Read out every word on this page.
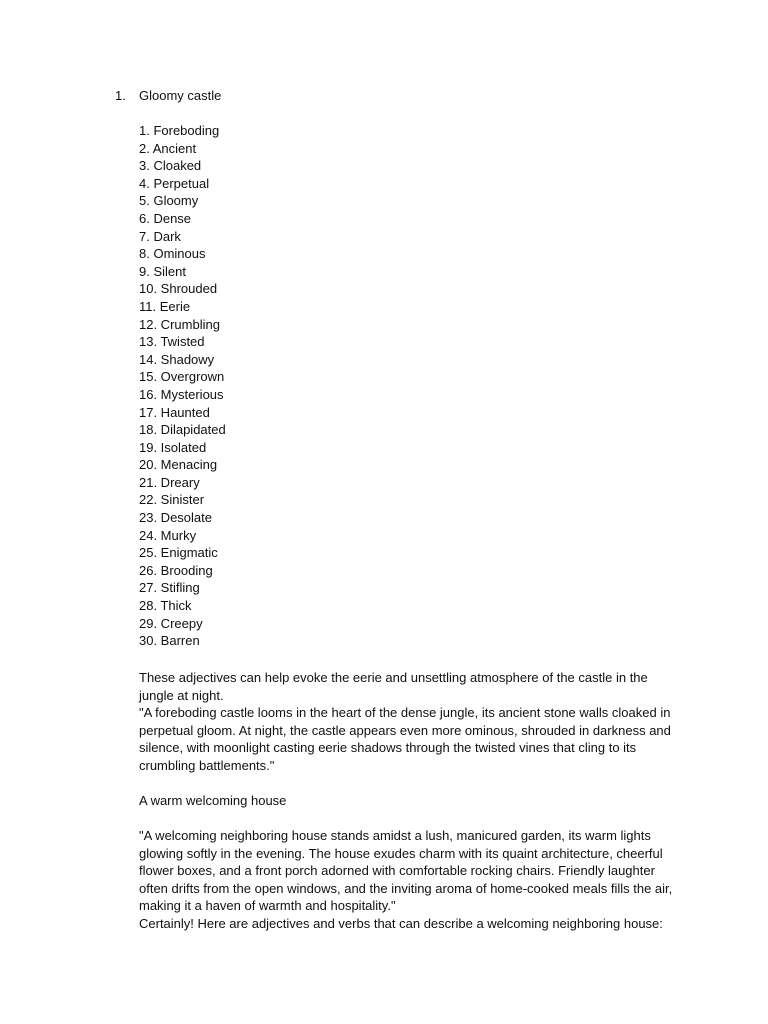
1. Gloomy castle
1. Foreboding
2. Ancient
3. Cloaked
4. Perpetual
5. Gloomy
6. Dense
7. Dark
8. Ominous
9. Silent
10. Shrouded
11. Eerie
12. Crumbling
13. Twisted
14. Shadowy
15. Overgrown
16. Mysterious
17. Haunted
18. Dilapidated
19. Isolated
20. Menacing
21. Dreary
22. Sinister
23. Desolate
24. Murky
25. Enigmatic
26. Brooding
27. Stifling
28. Thick
29. Creepy
30. Barren

These adjectives can help evoke the eerie and unsettling atmosphere of the castle in the jungle at night.

"A foreboding castle looms in the heart of the dense jungle, its ancient stone walls cloaked in perpetual gloom. At night, the castle appears even more ominous, shrouded in darkness and silence, with moonlight casting eerie shadows through the twisted vines that cling to its crumbling battlements."

A warm welcoming house

"A welcoming neighboring house stands amidst a lush, manicured garden, its warm lights glowing softly in the evening. The house exudes charm with its quaint architecture, cheerful flower boxes, and a front porch adorned with comfortable rocking chairs. Friendly laughter often drifts from the open windows, and the inviting aroma of home-cooked meals fills the air, making it a haven of warmth and hospitality."

Certainly! Here are adjectives and verbs that can describe a welcoming neighboring house:
